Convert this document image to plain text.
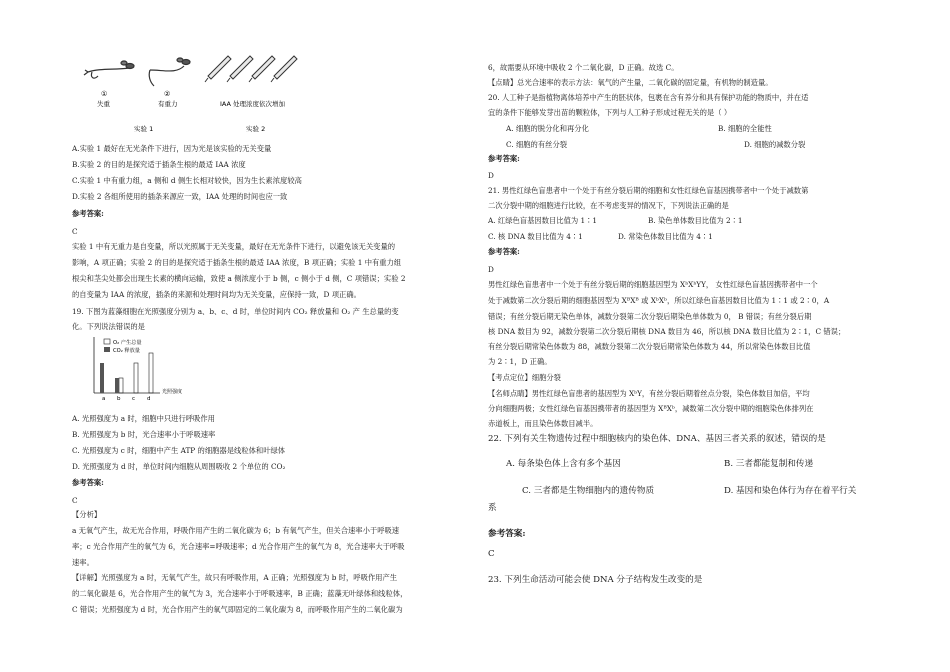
①	②
失重	有重力	IAA 处理浓度依次增加
实验 1	实验 2
A.实验 1 最好在无光条件下进行，因为光是该实验的无关变量
B.实验 2 的目的是探究适于插条生根的最适 IAA 浓度
C.实验 1 中有重力组，a 侧和 d 侧生长相对较快，因为生长素浓度较高
D.实验 2 各组所使用的插条来源应一致，IAA 处理的时间也应一致
参考答案:
C
实验 1 中有无重力是自变量，所以光照属于无关变量，最好在无光条件下进行，以避免该无关变量的
影响，A 项正确；实验 2 的目的是探究适于插条生根的最适 IAA 浓度，B 项正确；实验 1 中有重力组
根尖和茎尖处都会出现生长素的横向运输，致使 a 侧浓度小于 b 侧，c 侧小于 d 侧，C 项错误；实验 2
的自变量为 IAA 的浓度，插条的来源和处理时间均为无关变量，应保持一致，D 项正确。
19. 下图为蓝藻细胞在光照强度分别为 a、b、c、d 时，单位时间内 CO₂ 释放量和 O₂ 产 生总量的变
化。下列说法错误的是
O₂ 产生总量
CO₂ 释放量
a b c d
光照强度
A. 光照强度为 a 时，细胞中只进行呼吸作用
B. 光照强度为 b 时，光合速率小于呼吸速率
C. 光照强度为 c 时，细胞中产生 ATP 的细胞器是线粒体和叶绿体
D. 光照强度为 d 时，单位时间内细胞从周围吸收 2 个单位的 CO₂
参考答案:
C
【分析】
a 无氧气产生，故无光合作用，呼吸作用产生的二氧化碳为 6；b 有氧气产生，但关合速率小于呼吸速
率；c 光合作用产生的氧气为 6，光合速率=呼吸速率；d 光合作用产生的氧气为 8，光合速率大于呼吸
速率。
【详解】光照强度为 a 时，无氧气产生，故只有呼吸作用，A 正确；光照强度为 b 时，呼吸作用产生
的二氧化碳是 6，光合作用产生的氧气为 3，光合速率小于呼吸速率，B 正确；蓝藻无叶绿体和线粒体，
C 错误；光照强度为 d 时，光合作用产生的氧气即固定的二氧化碳为 8，而呼吸作用产生的二氧化碳为
6，故需要从环境中吸收 2 个二氧化碳，D 正确。故选 C。
【点睛】总光合速率的表示方法：氧气的产生量，二氧化碳的固定量，有机物的制造量。
20. 人工种子是指植物离体培养中产生的胚状体，包裹在含有养分和具有保护功能的物质中，并在适
宜的条件下能够发芽出苗的颗粒体，下列与人工种子形成过程无关的是（ ）
A. 细胞的脱分化和再分化	B. 细胞的全能性
C. 细胞的有丝分裂	D. 细胞的减数分裂
参考答案:
D
21. 男性红绿色盲患者中一个处于有丝分裂后期的细胞和女性红绿色盲基因携带者中一个处于减数第
二次分裂中期的细胞进行比较，在不考虑变异的情况下，下列说法正确的是
A. 红绿色盲基因数目比值为 1∶1	B. 染色单体数目比值为 2∶1
C. 核 DNA 数目比值为 4∶1	D. 常染色体数目比值为 4∶1
参考答案:
D
男性红绿色盲患者中一个处于有丝分裂后期的细胞基因型为 XᵇXᵇYY， 女性红绿色盲基因携带者中一个
处于减数第二次分裂后期的细胞基因型为 XᴮXᴮ 或 XᵇXᵇ，所以红绿色盲基因数目比值为 1∶1 或 2∶0，A
错误；有丝分裂后期无染色单体，减数分裂第二次分裂后期染色单体数为 0， B 错误；有丝分裂后期
核 DNA 数目为 92，减数分裂第二次分裂后期核 DNA 数目为 46，所以核 DNA 数目比值为 2∶1，C 错误；
有丝分裂后期常染色体数为 88，减数分裂第二次分裂后期常染色体数为 44，所以常染色体数目比值
为 2∶1，D 正确。
【考点定位】细胞分裂
【名师点睛】男性红绿色盲患者的基因型为 XᵇY，有丝分裂后期着丝点分裂，染色体数目加倍，平均
分向细胞两极；女性红绿色盲基因携带者的基因型为 XᴮXᵇ，减数第二次分裂中期的细胞染色体排列在
赤道板上，而且染色体数目减半。
22. 下列有关生物遗传过程中细胞核内的染色体、DNA、基因三者关系的叙述，错误的是
A. 每条染色体上含有多个基因	B. 三者都能复制和传递
C. 三者都是生物细胞内的遗传物质	D. 基因和染色体行为存在着平行关
系
参考答案:
C
23. 下列生命活动可能会使 DNA 分子结构发生改变的是
